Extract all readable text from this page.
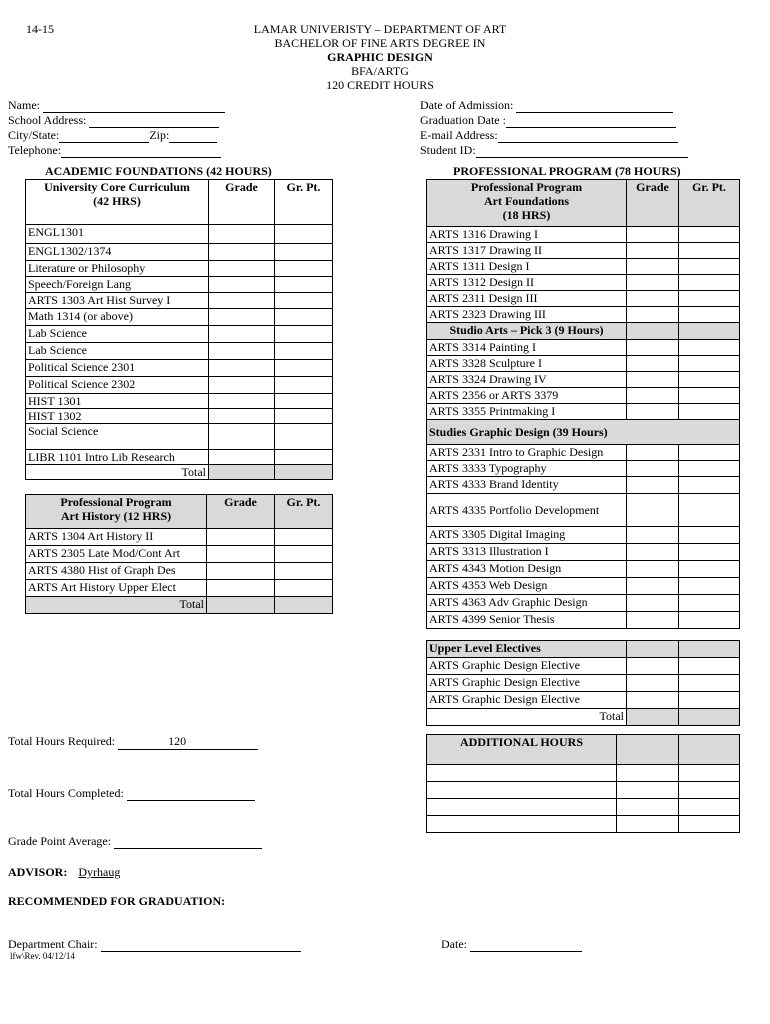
14-15	LAMAR UNIVERISTY – DEPARTMENT OF ART
BACHELOR OF FINE ARTS DEGREE IN
GRAPHIC DESIGN
BFA/ARTG
120 CREDIT HOURS
Name:
School Address:
City/State:	Zip:
Telephone:
Date of Admission:
Graduation Date :
E-mail Address:
Student ID:
ACADEMIC FOUNDATIONS (42 HOURS)
University Core Curriculum
(42 HRS)	Grade	Gr. Pt.
ENGL1301		
ENGL1302/1374		
Literature or Philosophy		
Speech/Foreign Lang		
ARTS 1303 Art Hist Survey I		
Math 1314 (or above)		
Lab Science		
Lab Science		
Political Science 2301		
Political Science 2302		
HIST 1301		
HIST 1302		
Social Science		
LIBR 1101 Intro Lib Research		
Total		
Professional Program
Art History (12 HRS)	Grade	Gr. Pt.
ARTS 1304 Art History II		
ARTS 2305 Late Mod/Cont Art		
ARTS 4380 Hist of Graph Des		
ARTS Art History Upper Elect		
Total		
PROFESSIONAL PROGRAM (78 HOURS)
Professional Program
Art Foundations
(18 HRS)	Grade	Gr. Pt.
ARTS 1316 Drawing I		
ARTS 1317 Drawing II		
ARTS 1311 Design I		
ARTS 1312 Design II		
ARTS 2311 Design III		
ARTS 2323 Drawing III		
Studio Arts – Pick 3 (9 Hours)		
ARTS 3314 Painting I		
ARTS 3328 Sculpture I		
ARTS 3324 Drawing IV		
ARTS 2356 or ARTS 3379		
ARTS 3355 Printmaking I		
Studies Graphic Design (39 Hours)		
ARTS 2331 Intro to Graphic Design		
ARTS 3333 Typography		
ARTS 4333 Brand Identity		
ARTS 4335 Portfolio Development		
ARTS 3305 Digital Imaging		
ARTS 3313 Illustration I		
ARTS 4343 Motion Design		
ARTS 4353 Web Design		
ARTS 4363 Adv Graphic Design		
ARTS 4399 Senior Thesis		
Upper Level Electives		
ARTS Graphic Design Elective		
ARTS Graphic Design Elective		
ARTS Graphic Design Elective		
Total		
ADDITIONAL HOURS		

Total Hours Required:	120
Total Hours Completed:
Grade Point Average:
ADVISOR: Dyrhaug
RECOMMENDED FOR GRADUATION:
Department Chair:	Date:
lfw\Rev. 04/12/14
